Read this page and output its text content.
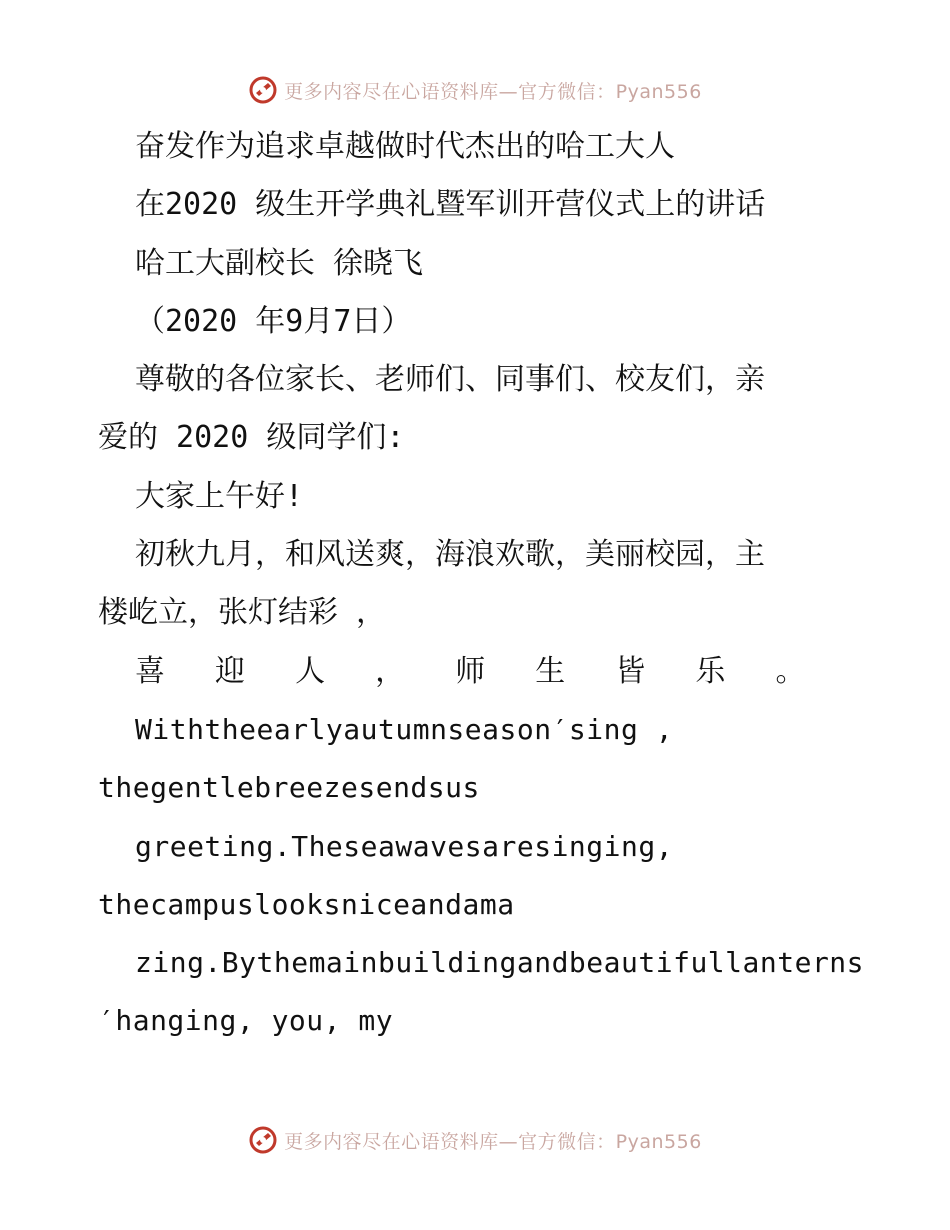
更多内容尽在心语资料库—官方微信：Pyan556
奋发作为追求卓越做时代杰出的哈工大人
在2020 级生开学典礼暨军训开营仪式上的讲话
哈工大副校长 徐晓飞
（2020 年9月7日）
尊敬的各位家长、老师们、同事们、校友们，亲
爱的 2020 级同学们:
大家上午好!
初秋九月，和风送爽，海浪欢歌，美丽校园，主
楼屹立，张灯结彩 ，
喜 迎 人 ， 师 生 皆 乐 。
Withtheearlyautumnseason′sing ,
thegentlebreezesendsus
greeting.Theseawavesaresinging,
thecampuslooksniceandama
zing.Bythemainbuildingandbeautifullanterns
′hanging, you, my
更多内容尽在心语资料库—官方微信：Pyan556
